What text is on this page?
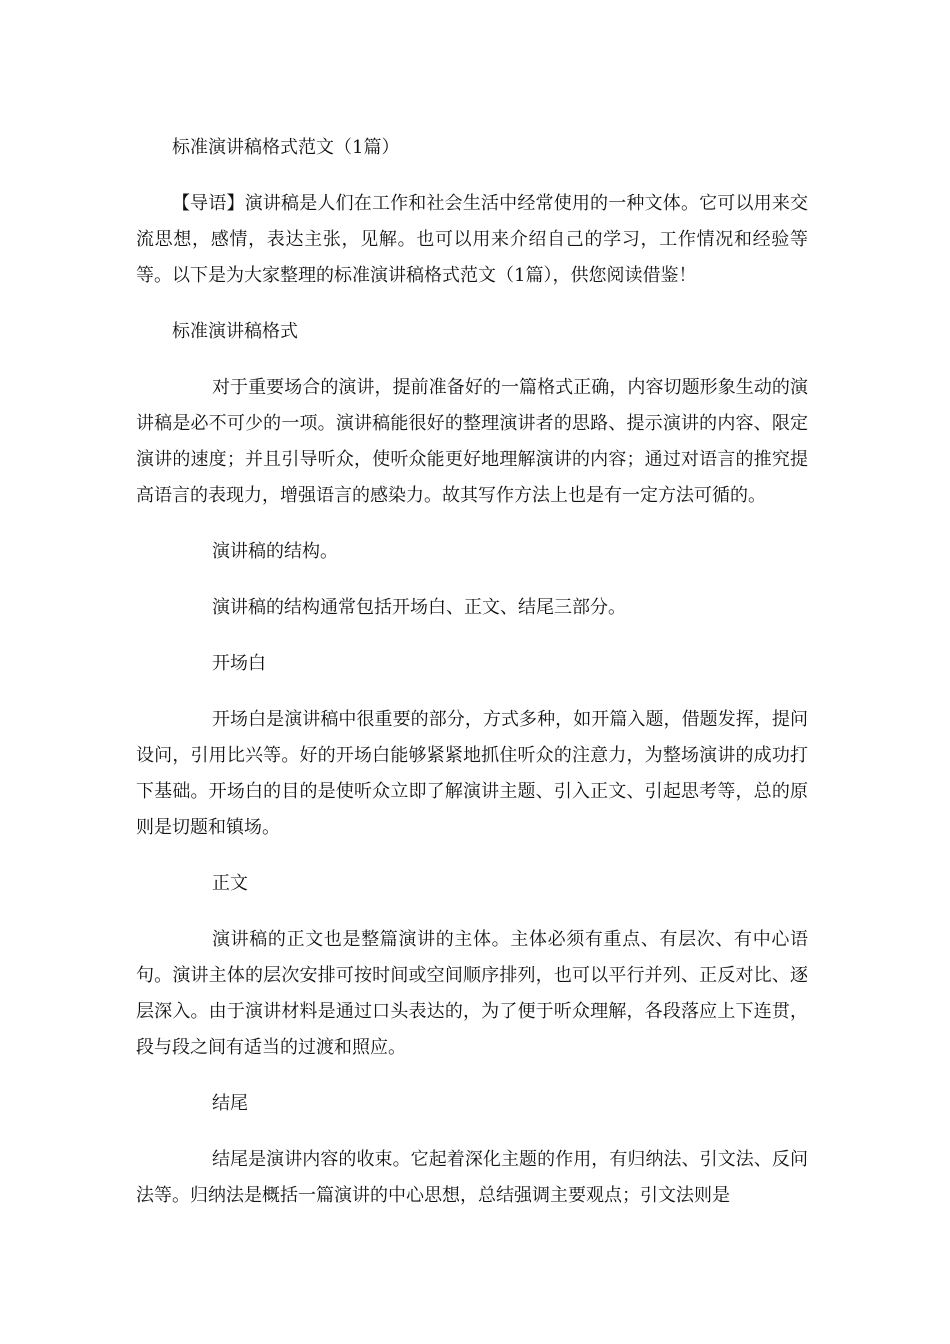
标准演讲稿格式范文（1篇）

【导语】演讲稿是人们在工作和社会生活中经常使用的一种文体。它可以用来交流思想，感情，表达主张，见解。也可以用来介绍自己的学习，工作情况和经验等等。以下是为大家整理的标准演讲稿格式范文（1篇），供您阅读借鉴！

标准演讲稿格式

对于重要场合的演讲，提前准备好的一篇格式正确，内容切题形象生动的演讲稿是必不可少的一项。演讲稿能很好的整理演讲者的思路、提示演讲的内容、限定演讲的速度；并且引导听众，使听众能更好地理解演讲的内容；通过对语言的推究提高语言的表现力，增强语言的感染力。故其写作方法上也是有一定方法可循的。

演讲稿的结构。

演讲稿的结构通常包括开场白、正文、结尾三部分。

开场白

开场白是演讲稿中很重要的部分，方式多种，如开篇入题，借题发挥，提问设问，引用比兴等。好的开场白能够紧紧地抓住听众的注意力，为整场演讲的成功打下基础。开场白的目的是使听众立即了解演讲主题、引入正文、引起思考等，总的原则是切题和镇场。

正文

演讲稿的正文也是整篇演讲的主体。主体必须有重点、有层次、有中心语句。演讲主体的层次安排可按时间或空间顺序排列，也可以平行并列、正反对比、逐层深入。由于演讲材料是通过口头表达的，为了便于听众理解，各段落应上下连贯，段与段之间有适当的过渡和照应。

结尾

结尾是演讲内容的收束。它起着深化主题的作用，有归纳法、引文法、反问法等。归纳法是概括一篇演讲的中心思想，总结强调主要观点；引文法则是
